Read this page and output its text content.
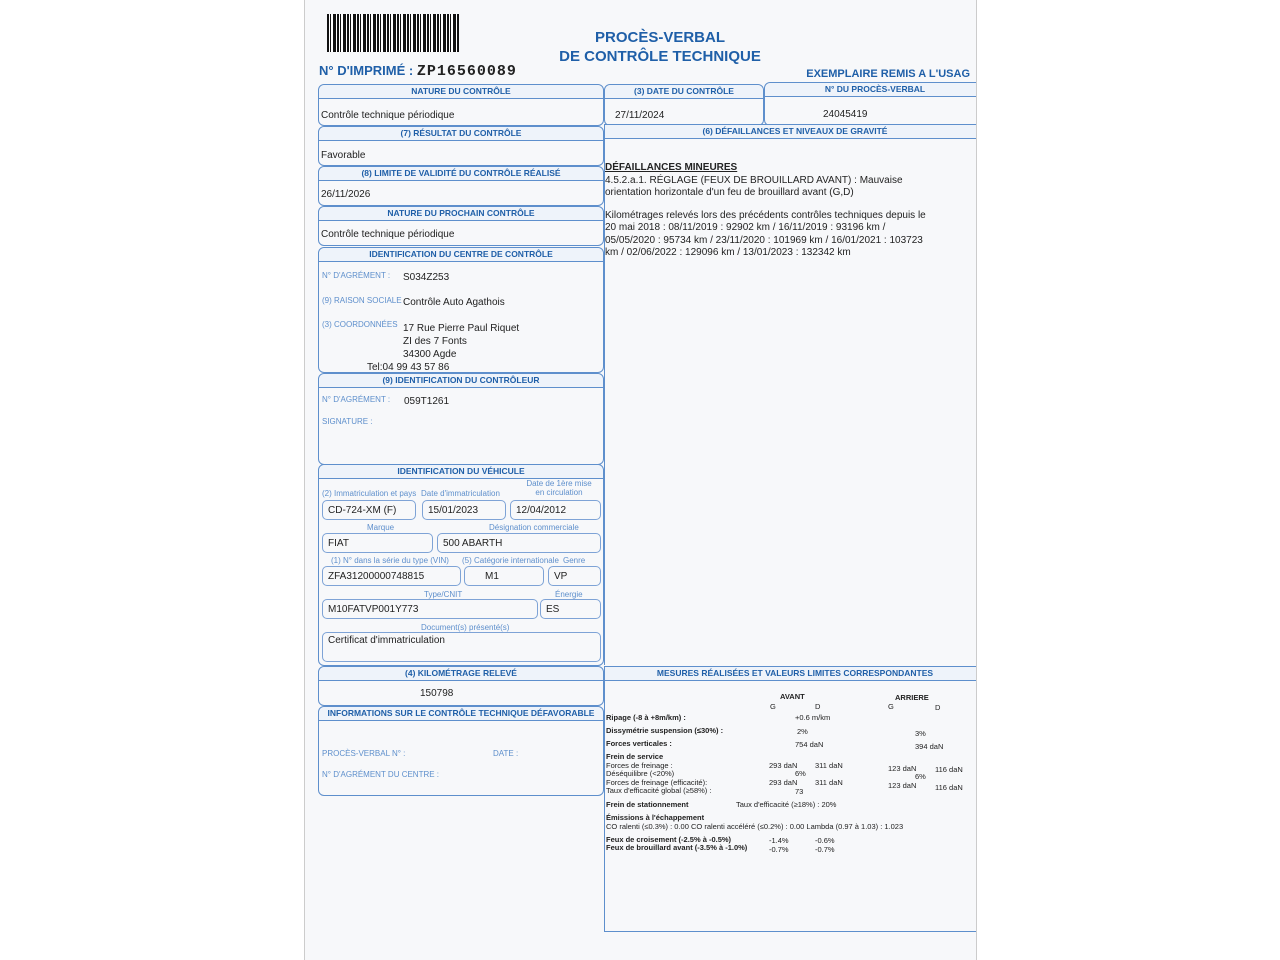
PROCÈS-VERBAL
DE CONTRÔLE TECHNIQUE
N° D'IMPRIMÉ : ZP16560089	EXEMPLAIRE REMIS A L'USAG
NATURE DU CONTRÔLE
Contrôle technique périodique
(3) DATE DU CONTRÔLE
27/11/2024
N° DU PROCÈS-VERBAL
24045419
(7) RÉSULTAT DU CONTRÔLE
Favorable
(8) LIMITE DE VALIDITÉ DU CONTRÔLE RÉALISÉ
26/11/2026
NATURE DU PROCHAIN CONTRÔLE
Contrôle technique périodique
IDENTIFICATION DU CENTRE DE CONTRÔLE
N° D'AGRÉMENT : S034Z253
(9) RAISON SOCIALE Contrôle Auto Agathois
(3) COORDONNÉES 17 Rue Pierre Paul Riquet
ZI des 7 Fonts
34300 Agde
Tel:04 99 43 57 86
(9) IDENTIFICATION DU CONTRÔLEUR
N° D'AGRÉMENT : 059T1261
SIGNATURE :
IDENTIFICATION DU VÉHICULE
(2) Immatriculation et pays Date d'immatriculation
Date de 1ère mise
en circulation
CD-724-XM (F)	15/01/2023	12/04/2012
Marque	Désignation commerciale
FIAT	500 ABARTH
(1) N° dans la série du type (VIN) (5) Catégorie internationale Genre
ZFA31200000748815	M1	VP
Type/CNIT	Énergie
M10FATVP001Y773	ES
Document(s) présenté(s)
Certificat d'immatriculation
(4) KILOMÉTRAGE RELEVÉ
150798
INFORMATIONS SUR LE CONTRÔLE TECHNIQUE DÉFAVORABLE
PROCÈS-VERBAL N° :	DATE :
N° D'AGRÉMENT DU CENTRE :
(6) DÉFAILLANCES ET NIVEAUX DE GRAVITÉ
DÉFAILLANCES MINEURES
4.5.2.a.1. RÉGLAGE (FEUX DE BROUILLARD AVANT) : Mauvaise
orientation horizontale d'un feu de brouillard avant (G,D)
Kilométrages relevés lors des précédents contrôles techniques depuis le
20 mai 2018 : 08/11/2019 : 92902 km / 16/11/2019 : 93196 km /
05/05/2020 : 95734 km / 23/11/2020 : 101969 km / 16/01/2021 : 103723
km / 02/06/2022 : 129096 km / 13/01/2023 : 132342 km
MESURES RÉALISÉES ET VALEURS LIMITES CORRESPONDANTES
AVANT	ARRIERE
G	D	G	D
Ripage (-8 à +8m/km) :	+0.6 m/km
Dissymétrie suspension (≤30%) :	2%	3%
Forces verticales :	754 daN	394 daN
Frein de service
Forces de freinage :	293 daN 311 daN	123 daN 116 daN
Déséquilibre (<20%)	6%	6%
Forces de freinage (efficacité):	293 daN 311 daN	123 daN 116 daN
Taux d'efficacité global (≥58%) :	73
Frein de stationnement	Taux d'efficacité (≥18%) : 20%
Émissions à l'échappement
CO ralenti (≤0.3%) : 0.00 CO ralenti accéléré (≤0.2%) : 0.00 Lambda (0.97 à 1.03) : 1.023
Feux de croisement (-2.5% à -0.5%)	-1.4%	-0.6%
Feux de brouillard avant (-3.5% à -1.0%)	-0.7%	-0.7%
